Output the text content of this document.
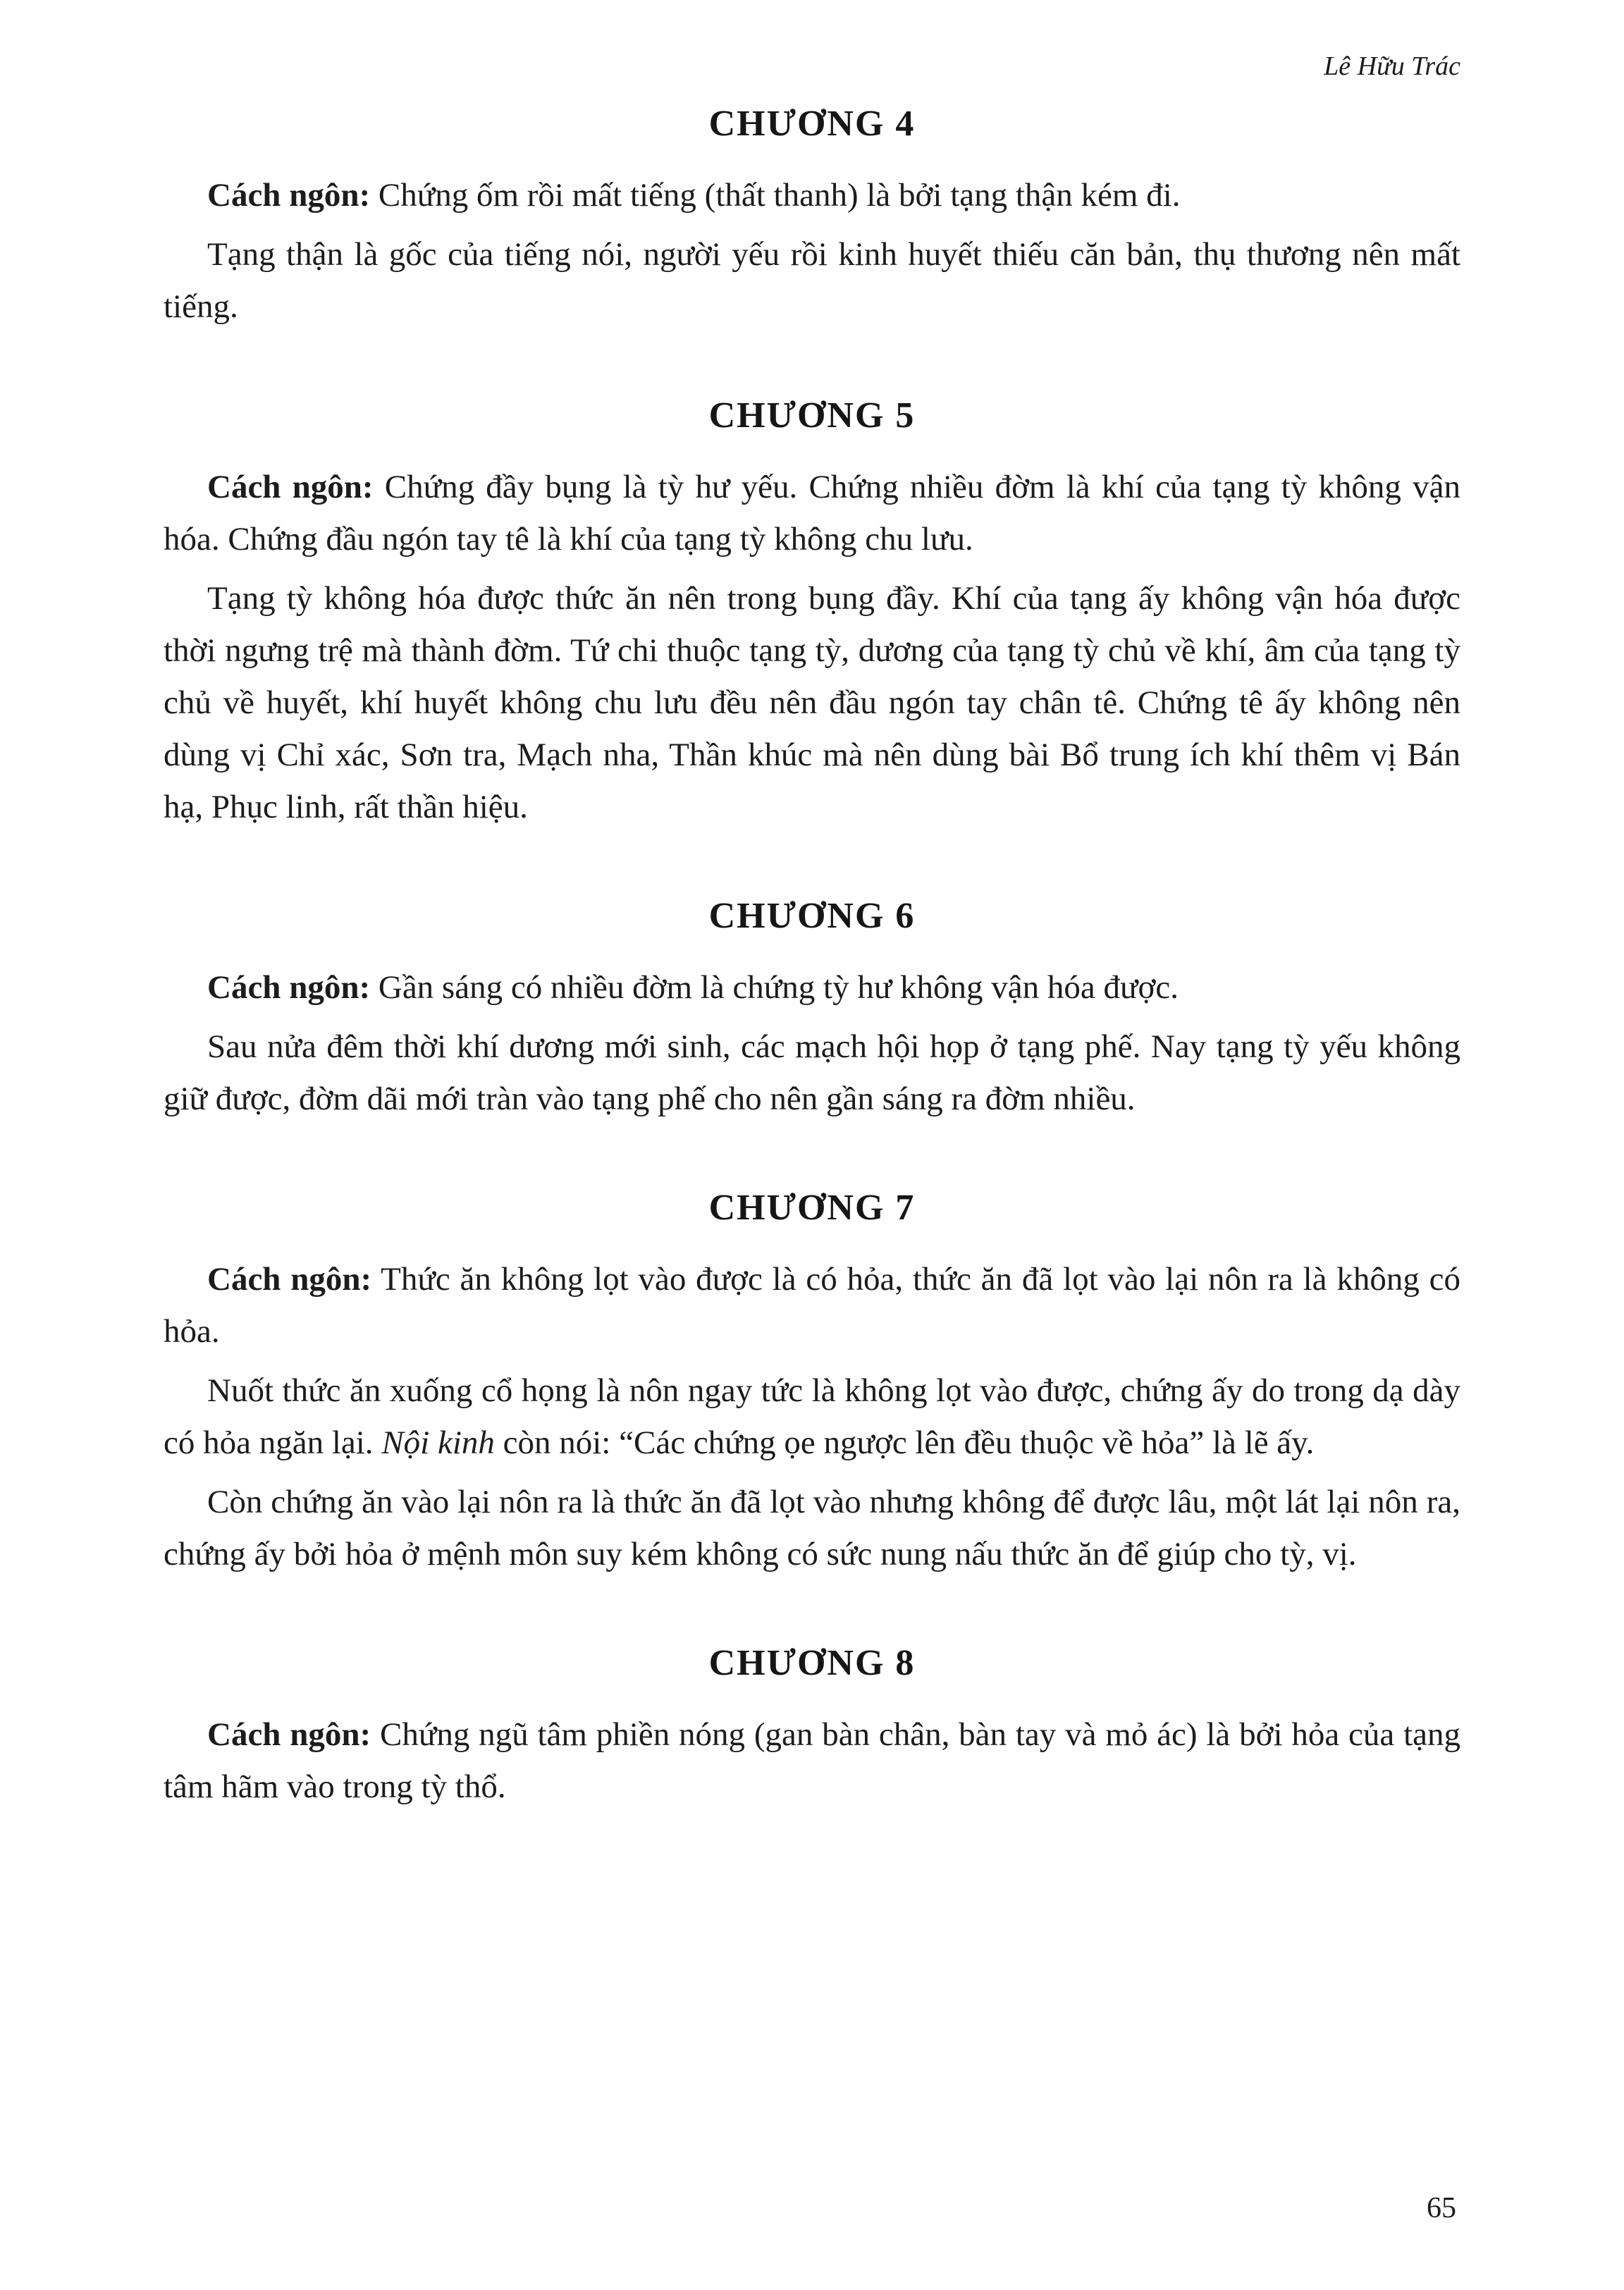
Lê Hữu Trác
CHƯƠNG 4

Cách ngôn: Chứng ốm rồi mất tiếng (thất thanh) là bởi tạng thận kém đi.

Tạng thận là gốc của tiếng nói, người yếu rồi kinh huyết thiếu căn bản, thụ thương nên mất tiếng.

CHƯƠNG 5

Cách ngôn: Chứng đầy bụng là tỳ hư yếu. Chứng nhiều đờm là khí của tạng tỳ không vận hóa. Chứng đầu ngón tay tê là khí của tạng tỳ không chu lưu.

Tạng tỳ không hóa được thức ăn nên trong bụng đầy. Khí của tạng ấy không vận hóa được thời ngưng trệ mà thành đờm. Tứ chi thuộc tạng tỳ, dương của tạng tỳ chủ về khí, âm của tạng tỳ chủ về huyết, khí huyết không chu lưu đều nên đầu ngón tay chân tê. Chứng tê ấy không nên dùng vị Chỉ xác, Sơn tra, Mạch nha, Thần khúc mà nên dùng bài Bổ trung ích khí thêm vị Bán hạ, Phục linh, rất thần hiệu.

CHƯƠNG 6

Cách ngôn: Gần sáng có nhiều đờm là chứng tỳ hư không vận hóa được.

Sau nửa đêm thời khí dương mới sinh, các mạch hội họp ở tạng phế. Nay tạng tỳ yếu không giữ được, đờm dãi mới tràn vào tạng phế cho nên gần sáng ra đờm nhiều.

CHƯƠNG 7

Cách ngôn: Thức ăn không lọt vào được là có hỏa, thức ăn đã lọt vào lại nôn ra là không có hỏa.

Nuốt thức ăn xuống cổ họng là nôn ngay tức là không lọt vào được, chứng ấy do trong dạ dày có hỏa ngăn lại. Nội kinh còn nói: “Các chứng ọe ngược lên đều thuộc về hỏa” là lẽ ấy.

Còn chứng ăn vào lại nôn ra là thức ăn đã lọt vào nhưng không để được lâu, một lát lại nôn ra, chứng ấy bởi hỏa ở mệnh môn suy kém không có sức nung nấu thức ăn để giúp cho tỳ, vị.

CHƯƠNG 8

Cách ngôn: Chứng ngũ tâm phiền nóng (gan bàn chân, bàn tay và mỏ ác) là bởi hỏa của tạng tâm hãm vào trong tỳ thổ.

65
